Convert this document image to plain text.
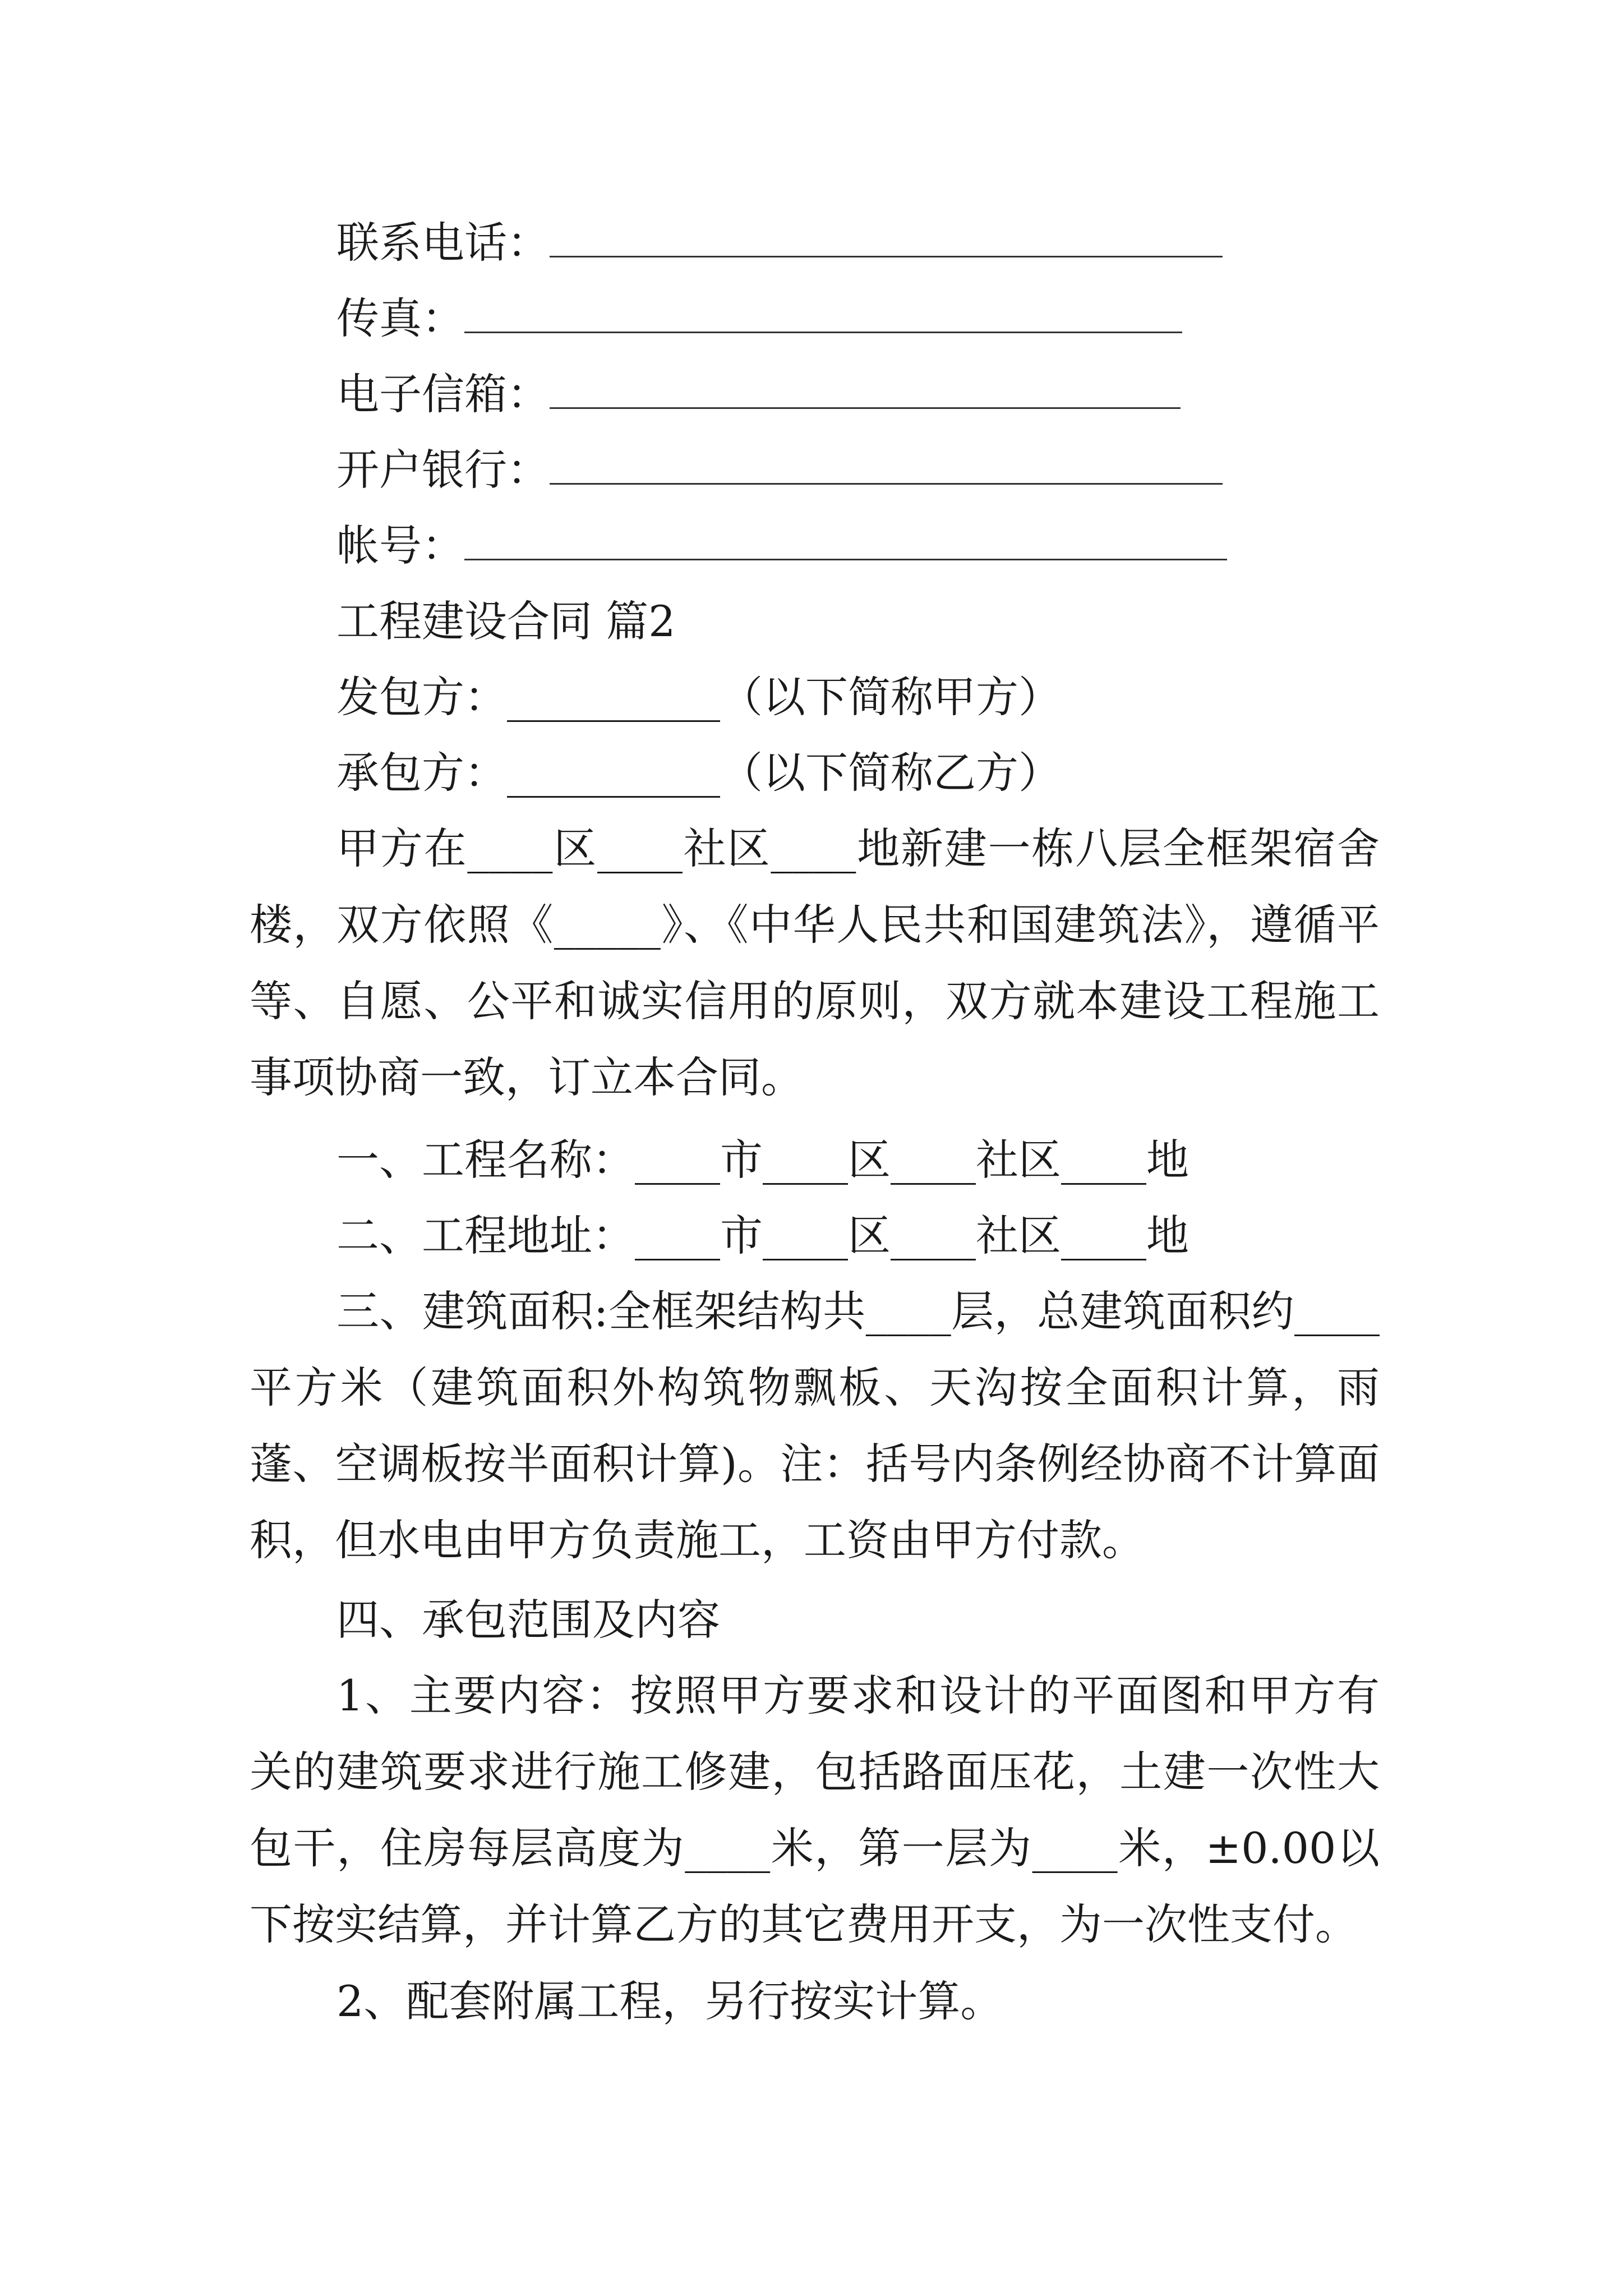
联系电话：
传真：
电子信箱：
开户银行：
帐号：
工程建设合同 篇2
发包方：__________（以下简称甲方）
承包方：__________（以下简称乙方）
甲方在____区____社区____地新建一栋八层全框架宿舍楼，双方依照《_____》、《中华人民共和国建筑法》，遵循平等、自愿、公平和诚实信用的原则，双方就本建设工程施工事项协商一致，订立本合同。
一、工程名称：____市____区____社区____地
二、工程地址：____市____区____社区____地
三、建筑面积:全框架结构共____层，总建筑面积约____平方米（建筑面积外构筑物飘板、天沟按全面积计算，雨蓬、空调板按半面积计算)。注：括号内条例经协商不计算面积，但水电由甲方负责施工，工资由甲方付款。
四、承包范围及内容
1、主要内容：按照甲方要求和设计的平面图和甲方有关的建筑要求进行施工修建，包括路面压花，土建一次性大包干，住房每层高度为____米，第一层为____米，±0.00以下按实结算，并计算乙方的其它费用开支，为一次性支付。
2、配套附属工程，另行按实计算。
